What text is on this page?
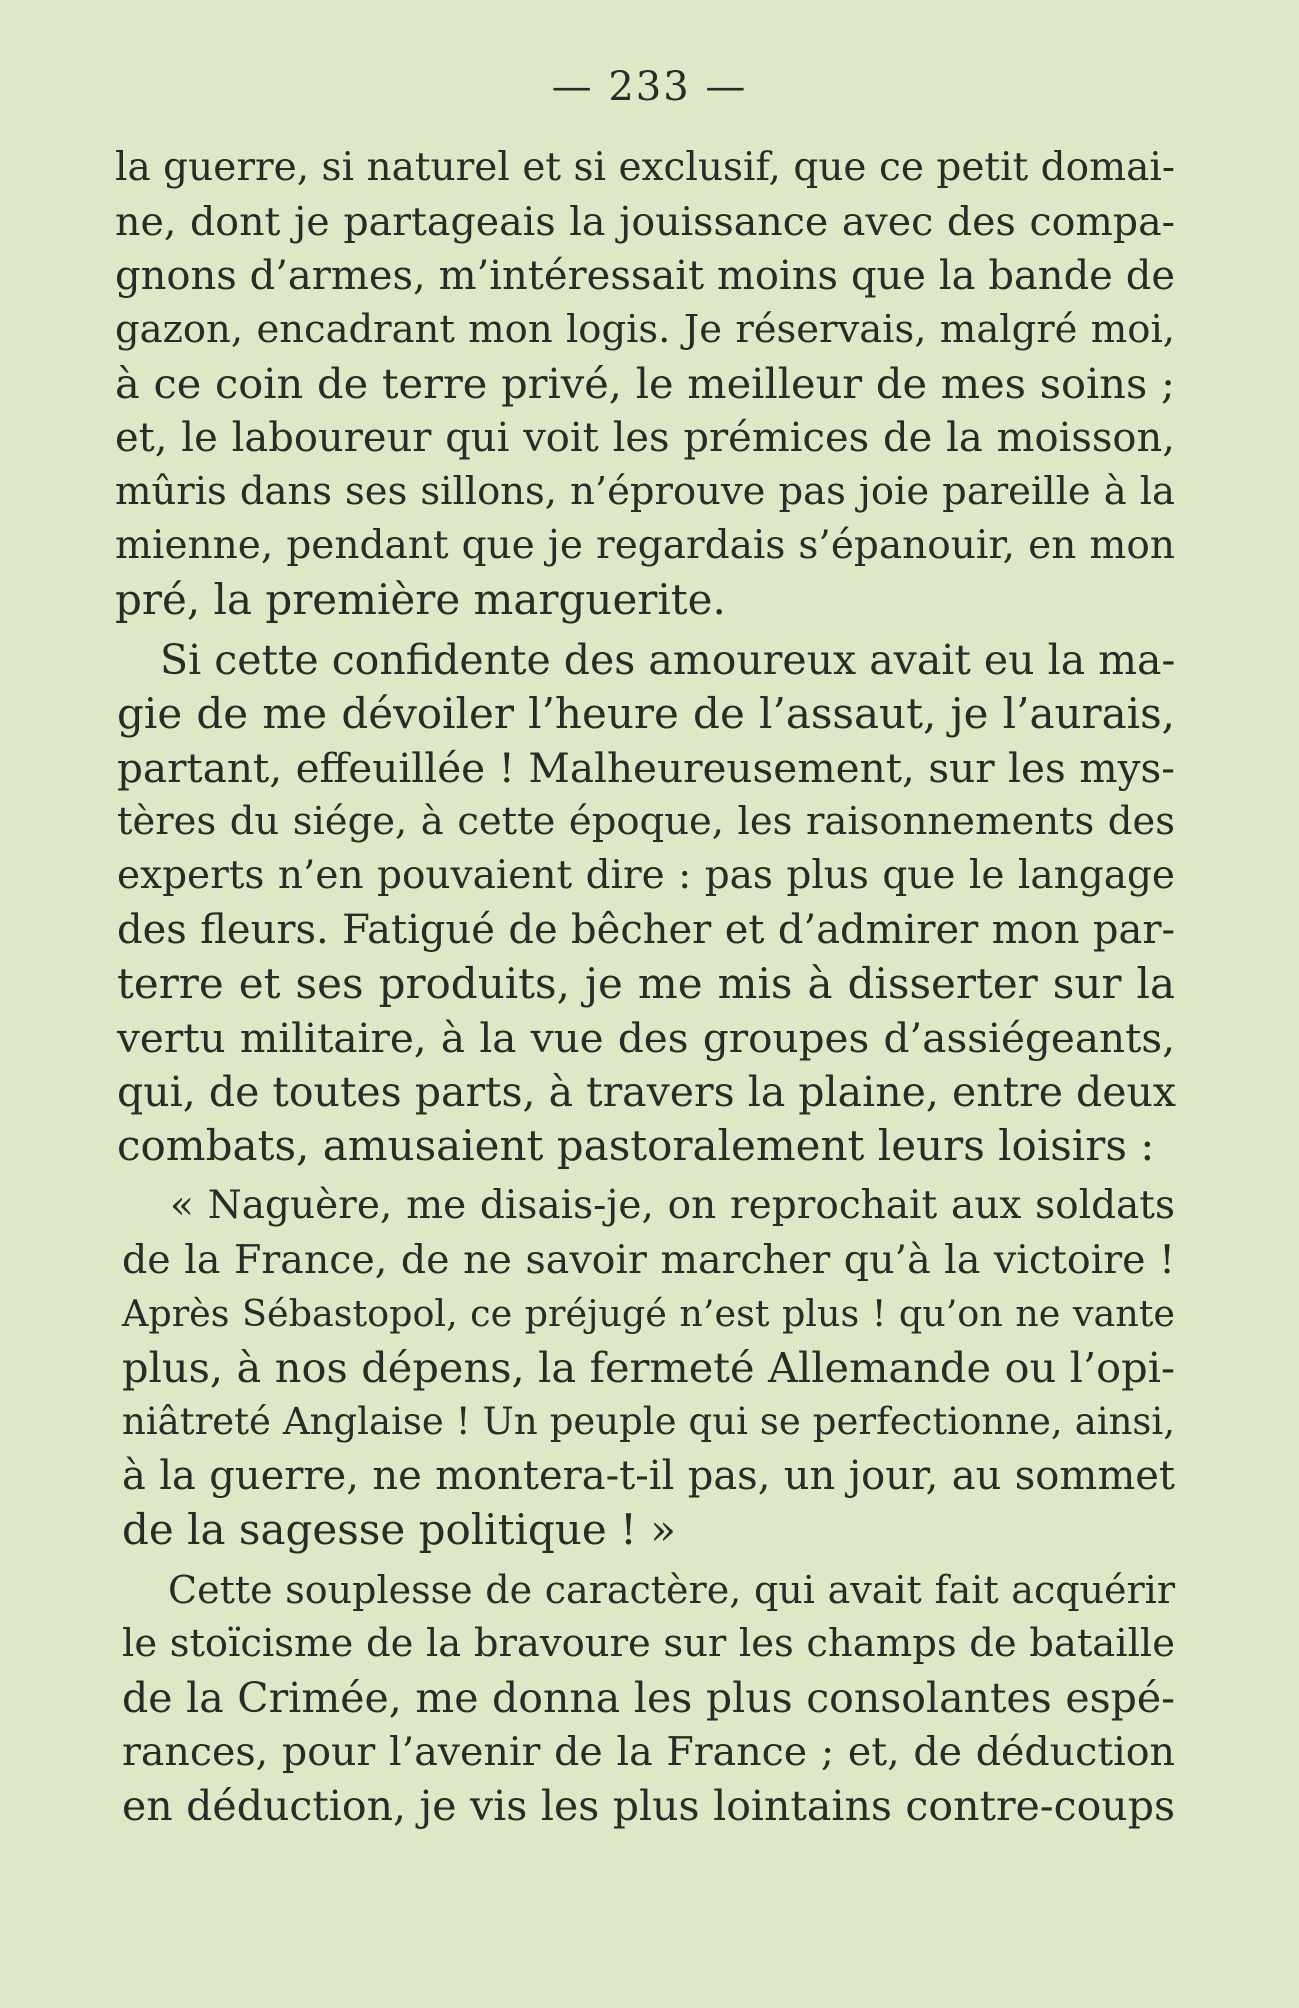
— 233 —
la guerre, si naturel et si exclusif, que ce petit domai-
ne, dont je partageais la jouissance avec des compa-
gnons d’armes, m’intéressait moins que la bande de
gazon, encadrant mon logis. Je réservais, malgré moi,
à ce coin de terre privé, le meilleur de mes soins ;
et, le laboureur qui voit les prémices de la moisson,
mûris dans ses sillons, n’éprouve pas joie pareille à la
mienne, pendant que je regardais s’épanouir, en mon
pré, la première marguerite.
Si cette confidente des amoureux avait eu la ma-
gie de me dévoiler l’heure de l’assaut, je l’aurais,
partant, effeuillée ! Malheureusement, sur les mys-
tères du siége, à cette époque, les raisonnements des
experts n’en pouvaient dire : pas plus que le langage
des fleurs. Fatigué de bêcher et d’admirer mon par-
terre et ses produits, je me mis à disserter sur la
vertu militaire, à la vue des groupes d’assiégeants,
qui, de toutes parts, à travers la plaine, entre deux
combats, amusaient pastoralement leurs loisirs :
« Naguère, me disais-je, on reprochait aux soldats
de la France, de ne savoir marcher qu’à la victoire !
Après Sébastopol, ce préjugé n’est plus ! qu’on ne vante
plus, à nos dépens, la fermeté Allemande ou l’opi-
niâtreté Anglaise ! Un peuple qui se perfectionne, ainsi,
à la guerre, ne montera-t-il pas, un jour, au sommet
de la sagesse politique ! »
Cette souplesse de caractère, qui avait fait acquérir
le stoïcisme de la bravoure sur les champs de bataille
de la Crimée, me donna les plus consolantes espé-
rances, pour l’avenir de la France ; et, de déduction
en déduction, je vis les plus lointains contre-coups
